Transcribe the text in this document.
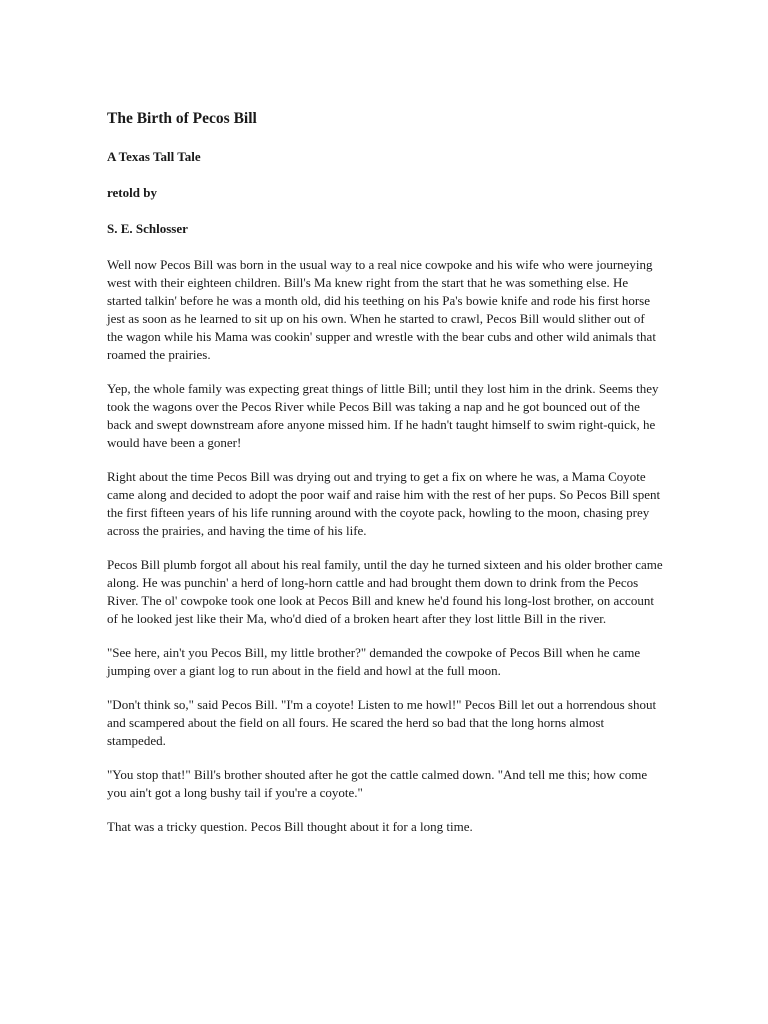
The Birth of Pecos Bill
A Texas Tall Tale
retold by
S. E. Schlosser

Well now Pecos Bill was born in the usual way to a real nice cowpoke and his wife who were journeying west with their eighteen children. Bill's Ma knew right from the start that he was something else. He started talkin' before he was a month old, did his teething on his Pa's bowie knife and rode his first horse jest as soon as he learned to sit up on his own. When he started to crawl, Pecos Bill would slither out of the wagon while his Mama was cookin' supper and wrestle with the bear cubs and other wild animals that roamed the prairies.

Yep, the whole family was expecting great things of little Bill; until they lost him in the drink. Seems they took the wagons over the Pecos River while Pecos Bill was taking a nap and he got bounced out of the back and swept downstream afore anyone missed him. If he hadn't taught himself to swim right-quick, he would have been a goner!

Right about the time Pecos Bill was drying out and trying to get a fix on where he was, a Mama Coyote came along and decided to adopt the poor waif and raise him with the rest of her pups. So Pecos Bill spent the first fifteen years of his life running around with the coyote pack, howling to the moon, chasing prey across the prairies, and having the time of his life.

Pecos Bill plumb forgot all about his real family, until the day he turned sixteen and his older brother came along. He was punchin' a herd of long-horn cattle and had brought them down to drink from the Pecos River. The ol' cowpoke took one look at Pecos Bill and knew he'd found his long-lost brother, on account of he looked jest like their Ma, who'd died of a broken heart after they lost little Bill in the river.

"See here, ain't you Pecos Bill, my little brother?" demanded the cowpoke of Pecos Bill when he came jumping over a giant log to run about in the field and howl at the full moon.

"Don't think so," said Pecos Bill. "I'm a coyote! Listen to me howl!" Pecos Bill let out a horrendous shout and scampered about the field on all fours. He scared the herd so bad that the long horns almost stampeded.

"You stop that!" Bill's brother shouted after he got the cattle calmed down. "And tell me this; how come you ain't got a long bushy tail if you're a coyote."

That was a tricky question. Pecos Bill thought about it for a long time.
